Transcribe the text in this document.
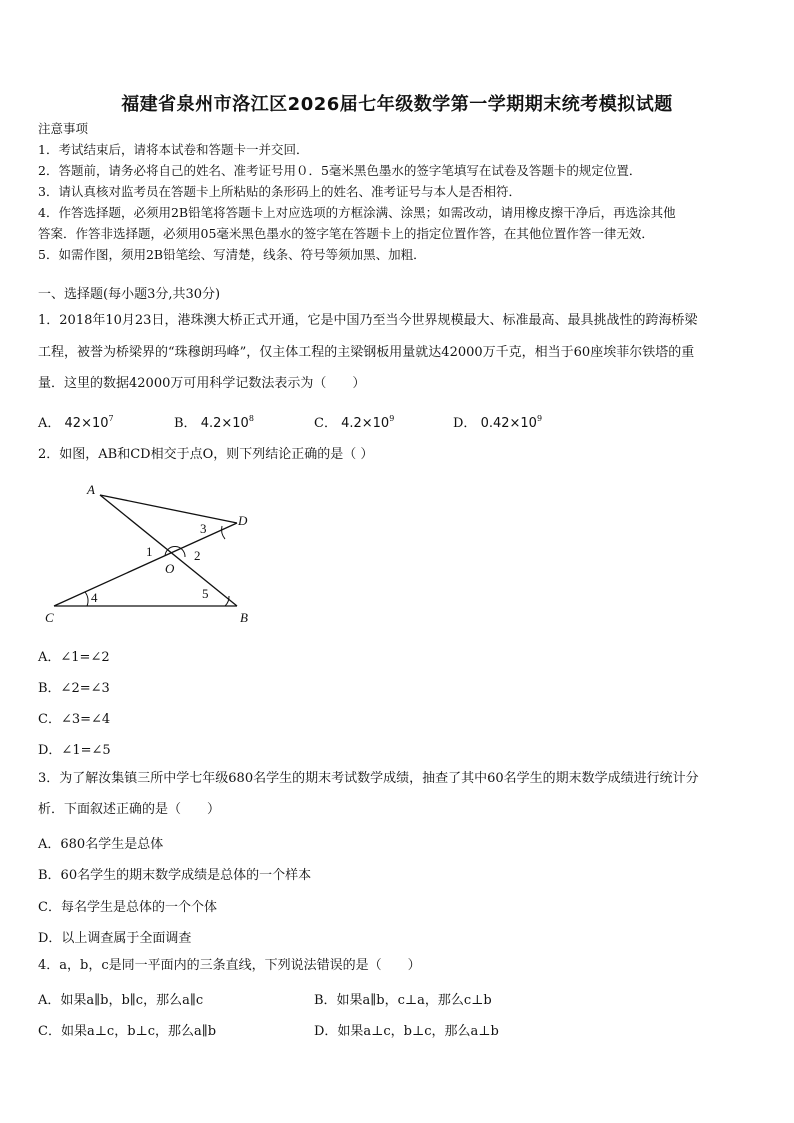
福建省泉州市洛江区2026届七年级数学第一学期期末统考模拟试题
注意事项
1．考试结束后，请将本试卷和答题卡一并交回．
2．答题前，请务必将自己的姓名、准考证号用０．5毫米黑色墨水的签字笔填写在试卷及答题卡的规定位置．
3．请认真核对监考员在答题卡上所粘贴的条形码上的姓名、准考证号与本人是否相符．
4．作答选择题，必须用2B铅笔将答题卡上对应选项的方框涂满、涂黑；如需改动，请用橡皮擦干净后，再选涂其他
答案．作答非选择题，必须用05毫米黑色墨水的签字笔在答题卡上的指定位置作答，在其他位置作答一律无效．
5．如需作图，须用2B铅笔绘、写清楚，线条、符号等须加黑、加粗．
一、选择题(每小题3分,共30分)
1．2018年10月23日，港珠澳大桥正式开通，它是中国乃至当今世界规模最大、标准最高、最具挑战性的跨海桥梁
工程，被誉为桥梁界的“珠穆朗玛峰”，仅主体工程的主梁钢板用量就达42000万千克，相当于60座埃菲尔铁塔的重
量．这里的数据42000万可用科学记数法表示为（　　）
A． $42\times 10^7$	B． $4.2\times 10^8$	C． $4.2\times 10^9$	D． $0.42\times 10^9$
2．如图，AB和CD相交于点O，则下列结论正确的是（ ）
A
D
C	B
O
1	2
3
4	5
A．∠1=∠2
B．∠2=∠3
C．∠3=∠4
D．∠1=∠5
3．为了解汝集镇三所中学七年级680名学生的期末考试数学成绩，抽查了其中60名学生的期末数学成绩进行统计分
析．下面叙述正确的是（　　）
A．680名学生是总体
B．60名学生的期末数学成绩是总体的一个样本
C．每名学生是总体的一个个体
D．以上调查属于全面调查
4．a，b，c是同一平面内的三条直线，下列说法错误的是（　　）
A．如果a∥b，b∥c，那么a∥c	B．如果a∥b，c⊥a，那么c⊥b
C．如果a⊥c，b⊥c，那么a∥b	D．如果a⊥c，b⊥c，那么a⊥b
